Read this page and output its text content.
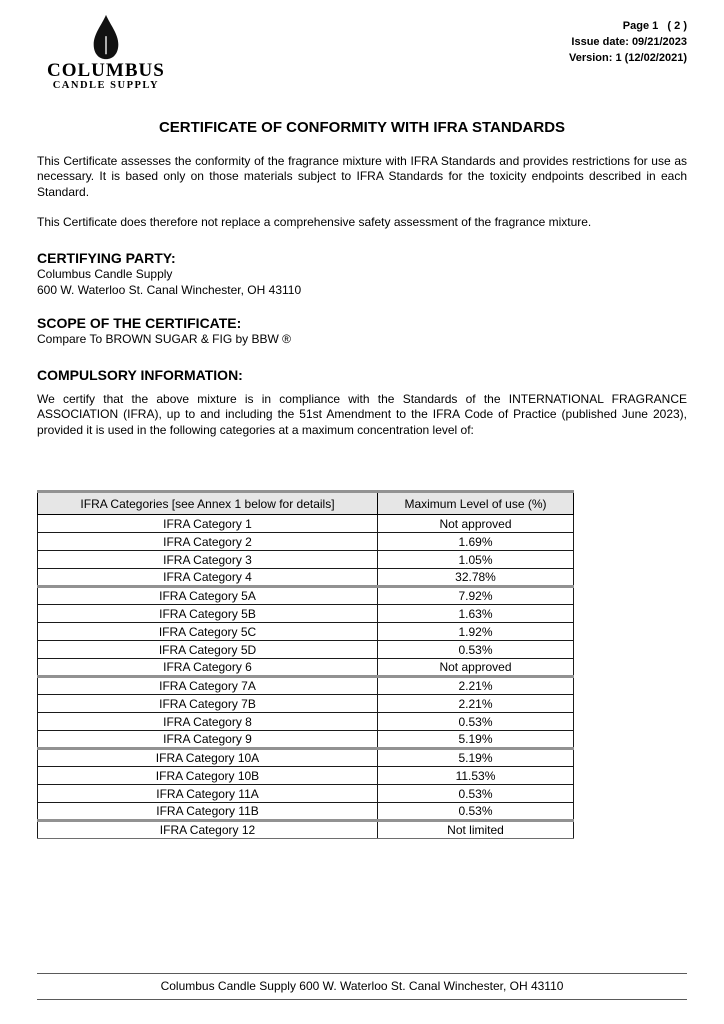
COLUMBUS
CANDLE SUPPLY
Page 1   ( 2 )
Issue date: 09/21/2023
Version: 1 (12/02/2021)
CERTIFICATE OF CONFORMITY WITH IFRA STANDARDS

This Certificate assesses the conformity of the fragrance mixture with IFRA Standards and provides restrictions for use as necessary. It is based only on those materials subject to IFRA Standards for the toxicity endpoints described in each Standard.

This Certificate does therefore not replace a comprehensive safety assessment of the fragrance mixture.

CERTIFYING PARTY:
Columbus Candle Supply
600 W. Waterloo St. Canal Winchester, OH 43110
SCOPE OF THE CERTIFICATE:
Compare To BROWN SUGAR & FIG by BBW ®
COMPULSORY INFORMATION:

We certify that the above mixture is in compliance with the Standards of the INTERNATIONAL FRAGRANCE ASSOCIATION (IFRA), up to and including the 51st Amendment to the IFRA Code of Practice (published June 2023), provided it is used in the following categories at a maximum concentration level of:

IFRA Categories [see Annex 1 below for details]	Maximum Level of use (%)
IFRA Category 1	Not approved
IFRA Category 2	1.69%
IFRA Category 3	1.05%
IFRA Category 4	32.78%
IFRA Category 5A	7.92%
IFRA Category 5B	1.63%
IFRA Category 5C	1.92%
IFRA Category 5D	0.53%
IFRA Category 6	Not approved
IFRA Category 7A	2.21%
IFRA Category 7B	2.21%
IFRA Category 8	0.53%
IFRA Category 9	5.19%
IFRA Category 10A	5.19%
IFRA Category 10B	11.53%
IFRA Category 11A	0.53%
IFRA Category 11B	0.53%
IFRA Category 12	Not limited
Columbus Candle Supply 600 W. Waterloo St. Canal Winchester, OH 43110
